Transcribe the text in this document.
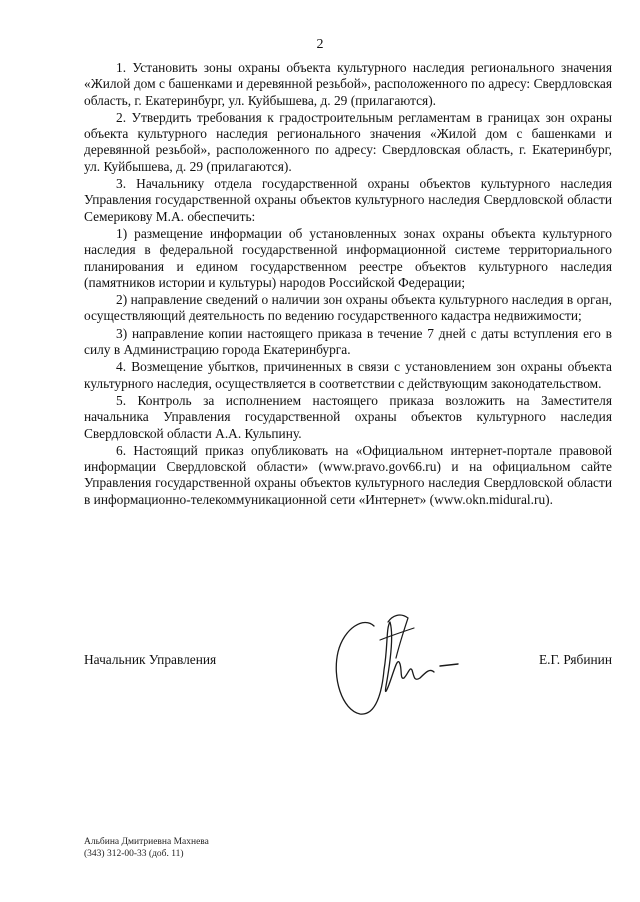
2

1. Установить зоны охраны объекта культурного наследия регионального значения «Жилой дом с башенками и деревянной резьбой», расположенного по адресу: Свердловская область, г. Екатеринбург, ул. Куйбышева, д. 29 (прилагаются).

2. Утвердить требования к градостроительным регламентам в границах зон охраны объекта культурного наследия регионального значения «Жилой дом с башенками и деревянной резьбой», расположенного по адресу: Свердловская область, г. Екатеринбург, ул. Куйбышева, д. 29 (прилагаются).

3. Начальнику отдела государственной охраны объектов культурного наследия Управления государственной охраны объектов культурного наследия Свердловской области Семерикову М.А. обеспечить:

1) размещение информации об установленных зонах охраны объекта культурного наследия в федеральной государственной информационной системе территориального планирования и едином государственном реестре объектов культурного наследия (памятников истории и культуры) народов Российской Федерации;

2) направление сведений о наличии зон охраны объекта культурного наследия в орган, осуществляющий деятельность по ведению государственного кадастра недвижимости;

3) направление копии настоящего приказа в течение 7 дней с даты вступления его в силу в Администрацию города Екатеринбурга.

4. Возмещение убытков, причиненных в связи с установлением зон охраны объекта культурного наследия, осуществляется в соответствии с действующим законодательством.

5. Контроль за исполнением настоящего приказа возложить на Заместителя начальника Управления государственной охраны объектов культурного наследия Свердловской области А.А. Кульпину.

6. Настоящий приказ опубликовать на «Официальном интернет-портале правовой информации Свердловской области» (www.pravo.gov66.ru) и на официальном сайте Управления государственной охраны объектов культурного наследия Свердловской области в информационно-телекоммуникационной сети «Интернет» (www.okn.midural.ru).

Начальник Управления	Е.Г. Рябинин
Альбина Дмитриевна Махнева
(343) 312-00-33 (доб. 11)
